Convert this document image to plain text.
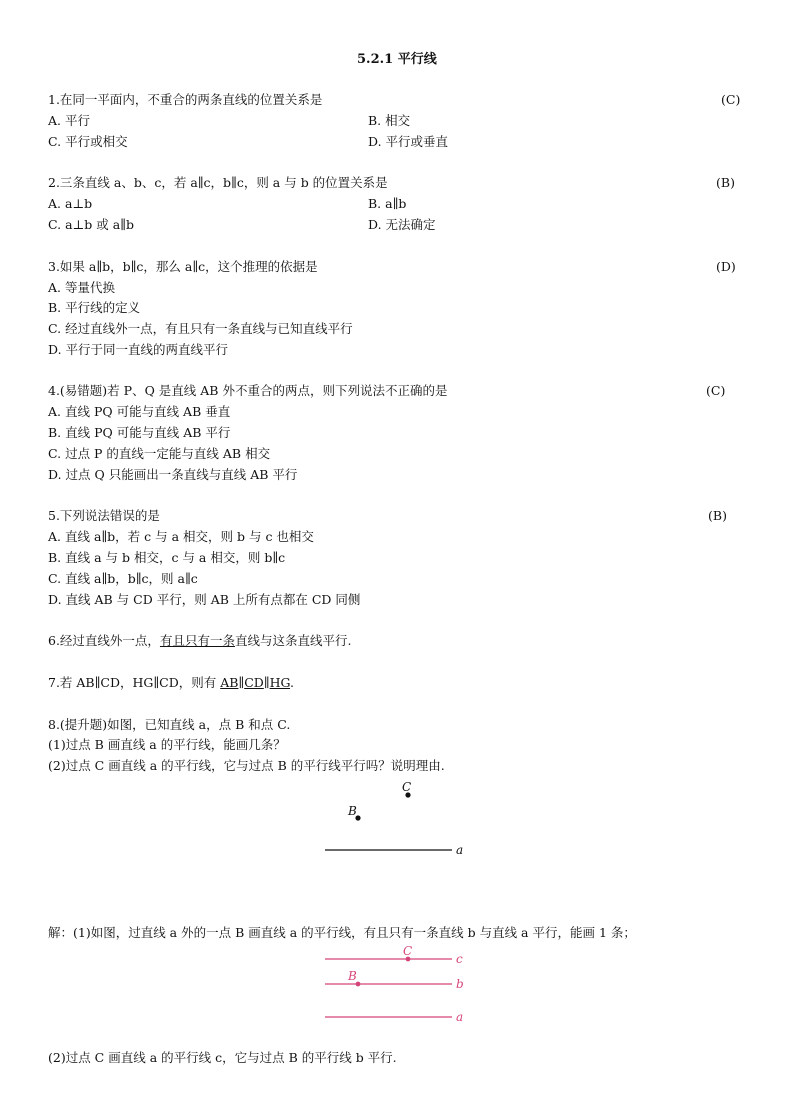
5.2.1 平行线
1.在同一平面内，不重合的两条直线的位置关系是	(C)
A. 平行	B. 相交
C. 平行或相交	D. 平行或垂直
2.三条直线 a、b、c，若 a∥c，b∥c，则 a 与 b 的位置关系是	(B)
A. a⊥b	B. a∥b
C. a⊥b 或 a∥b	D. 无法确定
3.如果 a∥b，b∥c，那么 a∥c，这个推理的依据是	(D)
A. 等量代换
B. 平行线的定义
C. 经过直线外一点，有且只有一条直线与已知直线平行
D. 平行于同一直线的两直线平行
4.(易错题)若 P、Q 是直线 AB 外不重合的两点，则下列说法不正确的是	(C)
A. 直线 PQ 可能与直线 AB 垂直
B. 直线 PQ 可能与直线 AB 平行
C. 过点 P 的直线一定能与直线 AB 相交
D. 过点 Q 只能画出一条直线与直线 AB 平行
5.下列说法错误的是	(B)
A. 直线 a∥b，若 c 与 a 相交，则 b 与 c 也相交
B. 直线 a 与 b 相交，c 与 a 相交，则 b∥c
C. 直线 a∥b，b∥c，则 a∥c
D. 直线 AB 与 CD 平行，则 AB 上所有点都在 CD 同侧
6.经过直线外一点，有且只有一条直线与这条直线平行.
7.若 AB∥CD，HG∥CD，则有 AB∥CD∥HG.
8.(提升题)如图，已知直线 a，点 B 和点 C.
(1)过点 B 画直线 a 的平行线，能画几条？
(2)过点 C 画直线 a 的平行线，它与过点 B 的平行线平行吗？说明理由.
C
B
a
解：(1)如图，过直线 a 外的一点 B 画直线 a 的平行线，有且只有一条直线 b 与直线 a 平行，能画 1 条；
c
C
b
B
a
(2)过点 C 画直线 a 的平行线 c，它与过点 B 的平行线 b 平行.
